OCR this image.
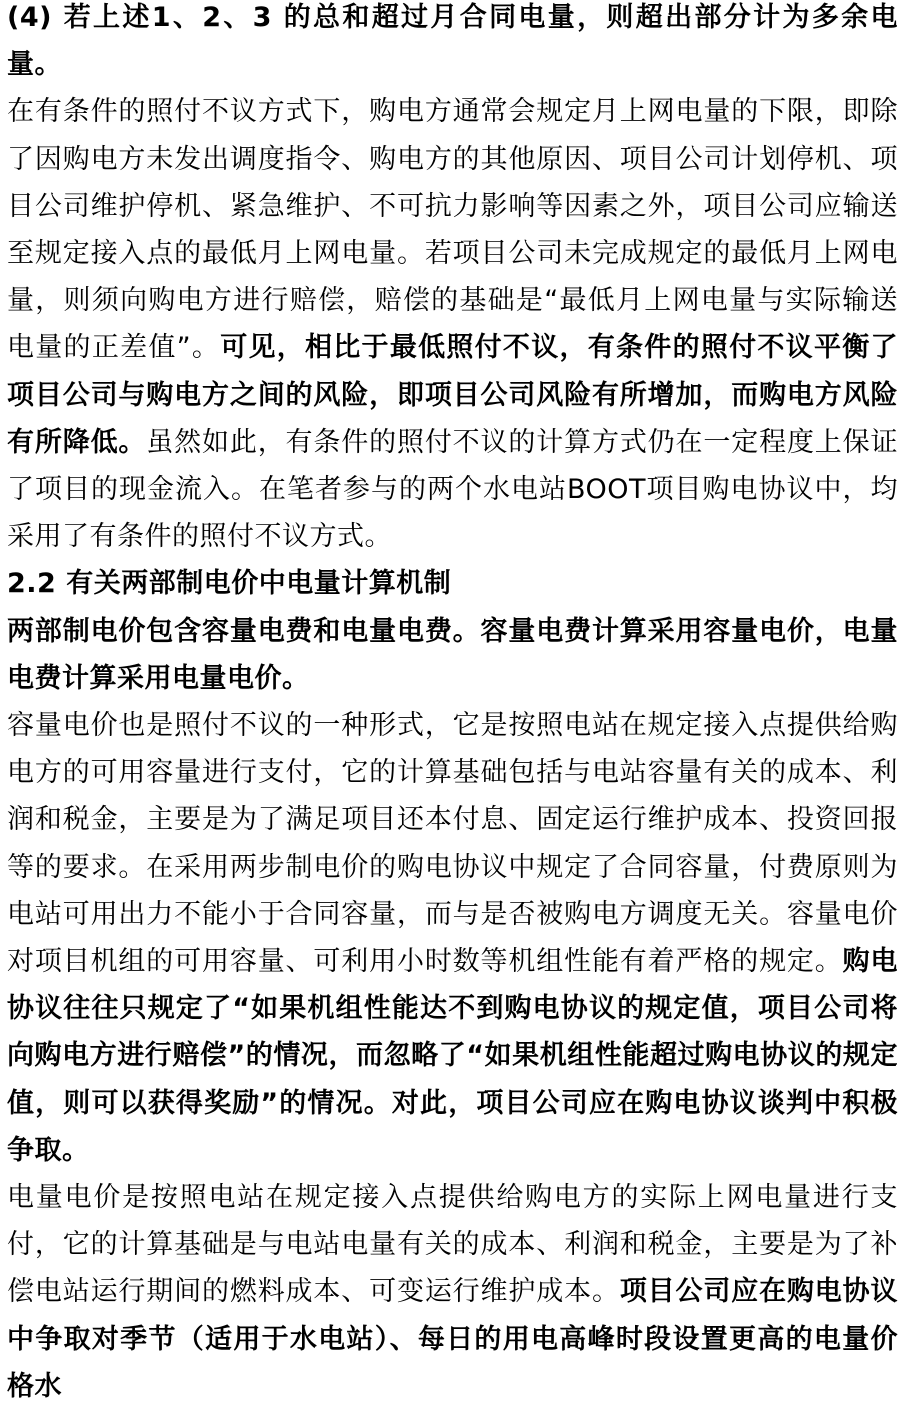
(4) 若上述1、2、3 的总和超过月合同电量，则超出部分计为多余电量。

在有条件的照付不议方式下，购电方通常会规定月上网电量的下限，即除了因购电方未发出调度指令、购电方的其他原因、项目公司计划停机、项目公司维护停机、紧急维护、不可抗力影响等因素之外，项目公司应输送至规定接入点的最低月上网电量。若项目公司未完成规定的最低月上网电量，则须向购电方进行赔偿，赔偿的基础是“最低月上网电量与实际输送电量的正差值”。可见，相比于最低照付不议，有条件的照付不议平衡了项目公司与购电方之间的风险，即项目公司风险有所增加，而购电方风险有所降低。虽然如此，有条件的照付不议的计算方式仍在一定程度上保证了项目的现金流入。在笔者参与的两个水电站BOOT项目购电协议中，均采用了有条件的照付不议方式。

2.2 有关两部制电价中电量计算机制

两部制电价包含容量电费和电量电费。容量电费计算采用容量电价，电量电费计算采用电量电价。

容量电价也是照付不议的一种形式，它是按照电站在规定接入点提供给购电方的可用容量进行支付，它的计算基础包括与电站容量有关的成本、利润和税金，主要是为了满足项目还本付息、固定运行维护成本、投资回报等的要求。在采用两步制电价的购电协议中规定了合同容量，付费原则为电站可用出力不能小于合同容量，而与是否被购电方调度无关。容量电价对项目机组的可用容量、可利用小时数等机组性能有着严格的规定。购电协议往往只规定了“如果机组性能达不到购电协议的规定值，项目公司将向购电方进行赔偿”的情况，而忽略了“如果机组性能超过购电协议的规定值，则可以获得奖励”的情况。对此，项目公司应在购电协议谈判中积极争取。

电量电价是按照电站在规定接入点提供给购电方的实际上网电量进行支付，它的计算基础是与电站电量有关的成本、利润和税金，主要是为了补偿电站运行期间的燃料成本、可变运行维护成本。项目公司应在购电协议中争取对季节（适用于水电站）、每日的用电高峰时段设置更高的电量价格水
